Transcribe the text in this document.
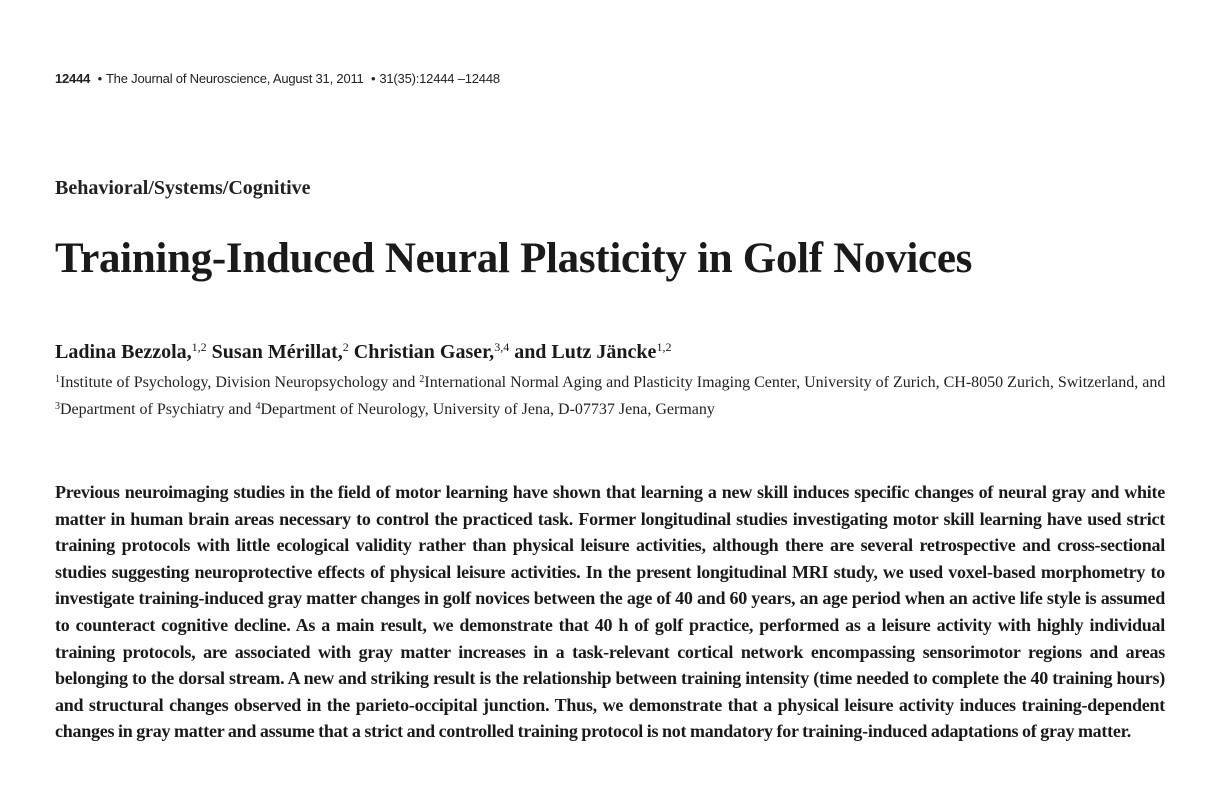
12444 • The Journal of Neuroscience, August 31, 2011 • 31(35):12444 –12448
Behavioral/Systems/Cognitive
Training-Induced Neural Plasticity in Golf Novices
Ladina Bezzola,$^{1,2}$ Susan Mérillat,$^2$ Christian Gaser,$^{3,4}$ and Lutz Jäncke$^{1,2}$
$^1$Institute of Psychology, Division Neuropsychology and $^2$International Normal Aging and Plasticity Imaging Center, University of Zurich, CH-8050 Zurich, Switzerland, and $^3$Department of Psychiatry and $^4$Department of Neurology, University of Jena, D-07737 Jena, Germany

Previous neuroimaging studies in the field of motor learning have shown that learning a new skill induces specific changes of neural gray and white matter in human brain areas necessary to control the practiced task. Former longitudinal studies investigating motor skill learning have used strict training protocols with little ecological validity rather than physical leisure activities, although there are several retrospective and cross-sectional studies suggesting neuroprotective effects of physical leisure activities. In the present longitudinal MRI study, we used voxel-based morphometry to investigate training-induced gray matter changes in golf novices between the age of 40 and 60 years, an age period when an active life style is assumed to counteract cognitive decline. As a main result, we demonstrate that 40 h of golf practice, performed as a leisure activity with highly individual training protocols, are associated with gray matter increases in a task-relevant cortical network encompassing sensorimotor regions and areas belonging to the dorsal stream. A new and striking result is the relationship between training intensity (time needed to complete the 40 training hours) and structural changes observed in the parieto-occipital junction. Thus, we demonstrate that a physical leisure activity induces training-dependent changes in gray matter and assume that a strict and controlled training protocol is not mandatory for training-induced adaptations of gray matter.
